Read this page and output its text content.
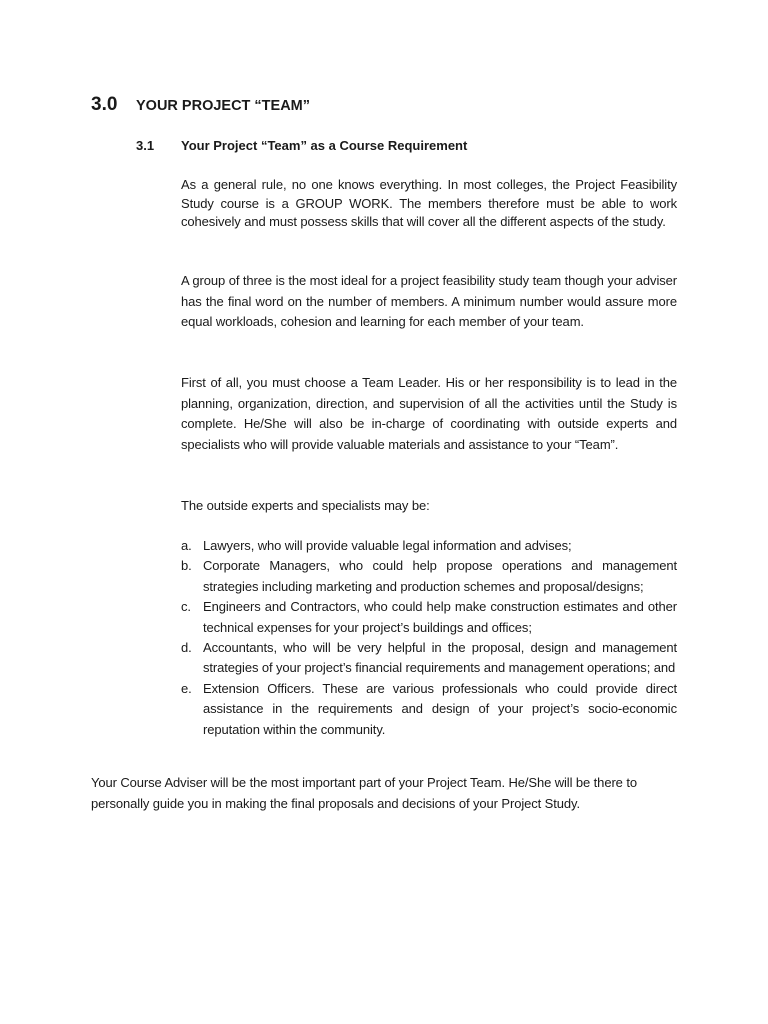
3.0	YOUR PROJECT “TEAM”
3.1	Your Project “Team” as a Course Requirement

As a general rule, no one knows everything. In most colleges, the Project Feasibility Study course is a GROUP WORK. The members therefore must be able to work cohesively and must possess skills that will cover all the different aspects of the study.

A group of three is the most ideal for a project feasibility study team though your adviser has the final word on the number of members. A minimum number would assure more equal workloads, cohesion and learning for each member of your team.

First of all, you must choose a Team Leader. His or her responsibility is to lead in the planning, organization, direction, and supervision of all the activities until the Study is complete. He/She will also be in-charge of coordinating with outside experts and specialists who will provide valuable materials and assistance to your “Team”.

The outside experts and specialists may be:

a. Lawyers, who will provide valuable legal information and advises;
b. Corporate Managers, who could help propose operations and management strategies including marketing and production schemes and proposal/designs;
c. Engineers and Contractors, who could help make construction estimates and other technical expenses for your project’s buildings and offices;
d. Accountants, who will be very helpful in the proposal, design and management strategies of your project’s financial requirements and management operations; and
e. Extension Officers. These are various professionals who could provide direct assistance in the requirements and design of your project’s socio-economic reputation within the community.

Your Course Adviser will be the most important part of your Project Team. He/She will be there to personally guide you in making the final proposals and decisions of your Project Study.
